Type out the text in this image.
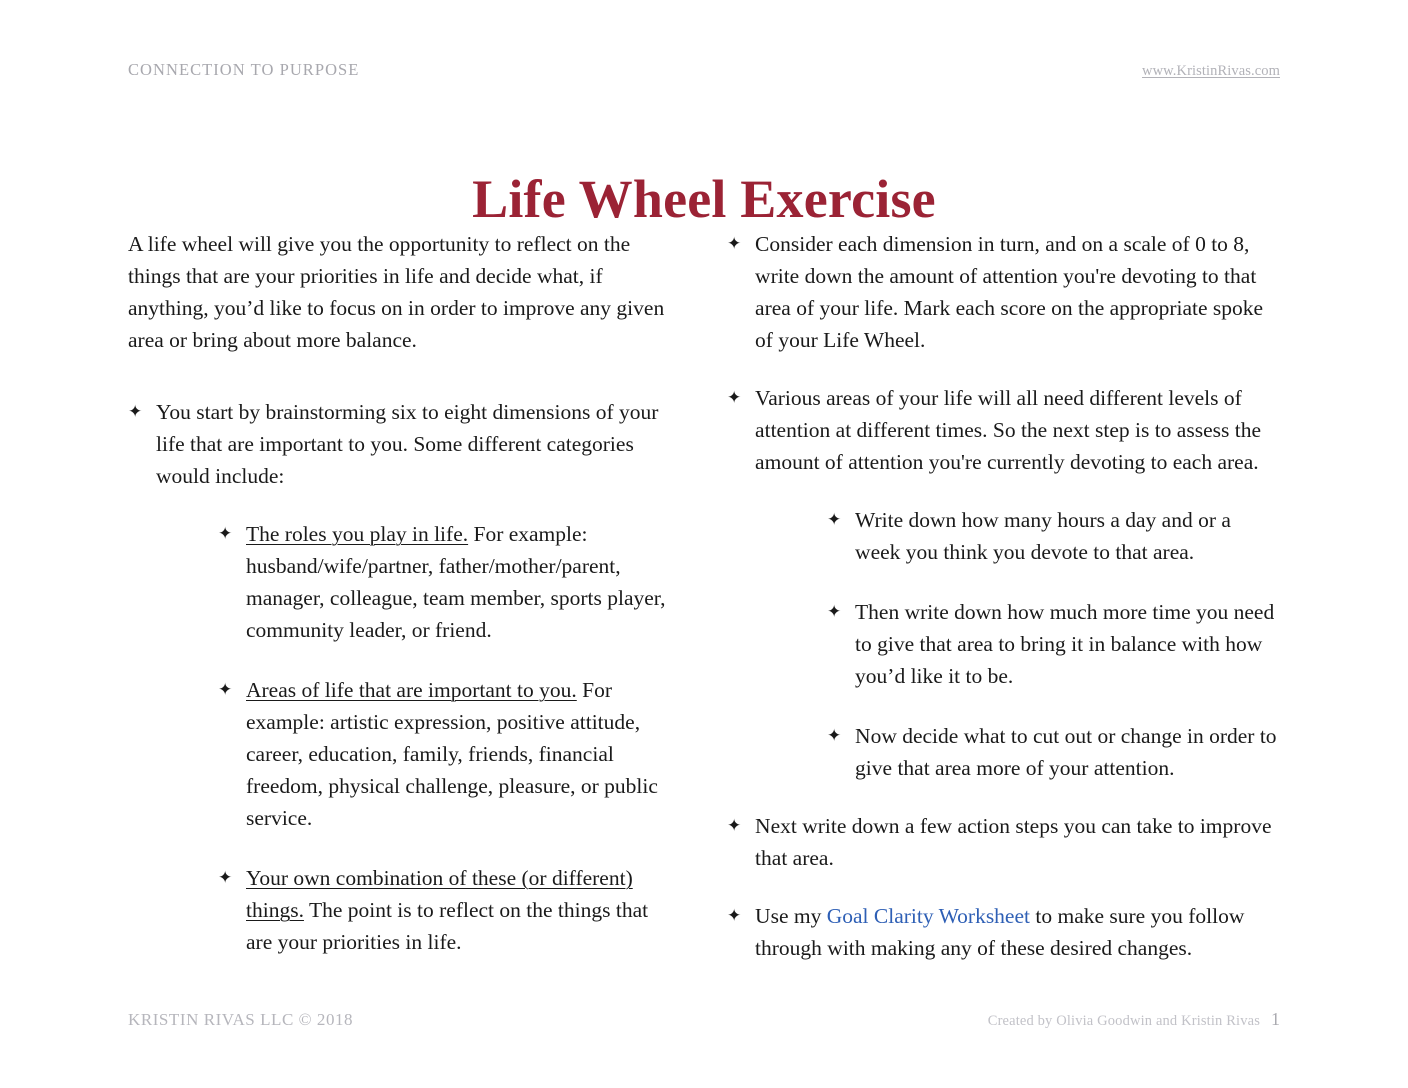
CONNECTION TO PURPOSE	www.KristinRivas.com
Life Wheel Exercise

A life wheel will give you the opportunity to reflect on the things that are your priorities in life and decide what, if anything, you’d like to focus on in order to improve any given area or bring about more balance.

✦ You start by brainstorming six to eight dimensions of your life that are important to you. Some different categories would include:
✦ The roles you play in life. For example: husband/wife/partner, father/mother/parent, manager, colleague, team member, sports player, community leader, or friend.
✦ Areas of life that are important to you. For example: artistic expression, positive attitude, career, education, family, friends, financial freedom, physical challenge, pleasure, or public service.
✦ Your own combination of these (or different) things. The point is to reflect on the things that are your priorities in life.
✦ Consider each dimension in turn, and on a scale of 0 to 8, write down the amount of attention you're devoting to that area of your life. Mark each score on the appropriate spoke of your Life Wheel.
✦ Various areas of your life will all need different levels of attention at different times. So the next step is to assess the amount of attention you're currently devoting to each area.
✦ Write down how many hours a day and or a week you think you devote to that area.
✦ Then write down how much more time you need to give that area to bring it in balance with how you’d like it to be.
✦ Now decide what to cut out or change in order to give that area more of your attention.
✦ Next write down a few action steps you can take to improve that area.
✦ Use my Goal Clarity Worksheet to make sure you follow through with making any of these desired changes.
KRISTIN RIVAS LLC © 2018	Created by Olivia Goodwin and Kristin Rivas 1
